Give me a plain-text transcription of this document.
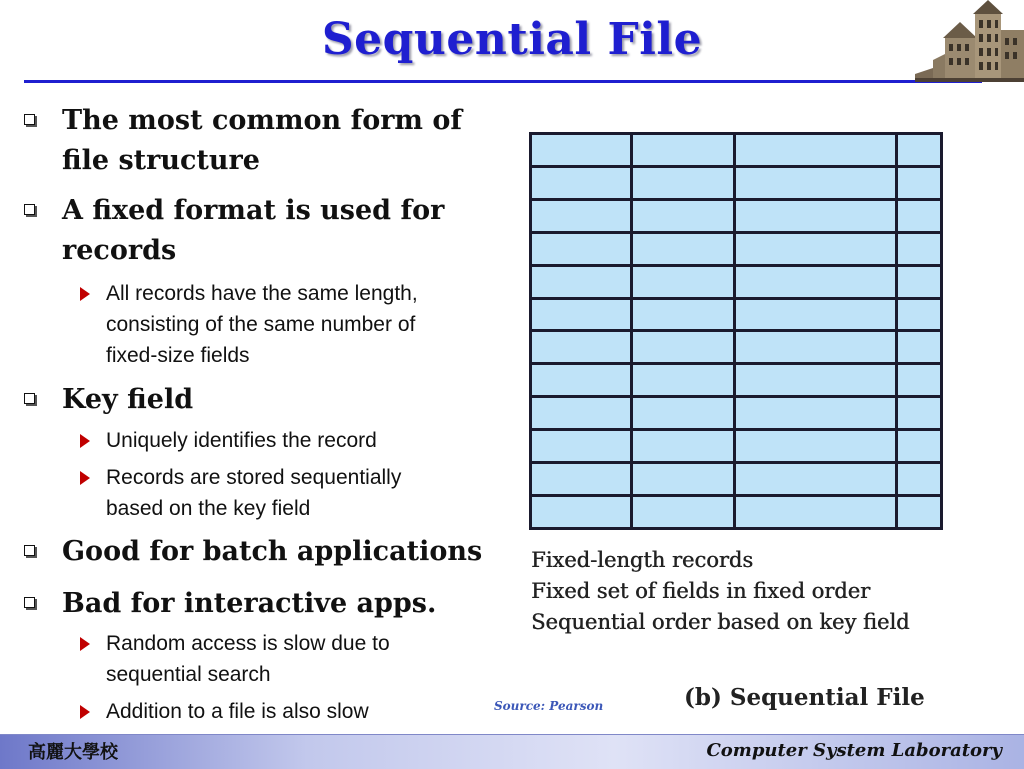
Sequential File
The most common form of
file structure
A fixed format is used for
records
All records have the same length,
consisting of the same number of
fixed-size fields
Key field
Uniquely identifies the record
Records are stored sequentially
based on the key field
Good for batch applications
Bad for interactive apps.
Random access is slow due to
sequential search
Addition to a file is also slow

Fixed-length records
Fixed set of fields in fixed order
Sequential order based on key field
Source: Pearson	(b) Sequential File
高麗大學校	Computer System Laboratory
